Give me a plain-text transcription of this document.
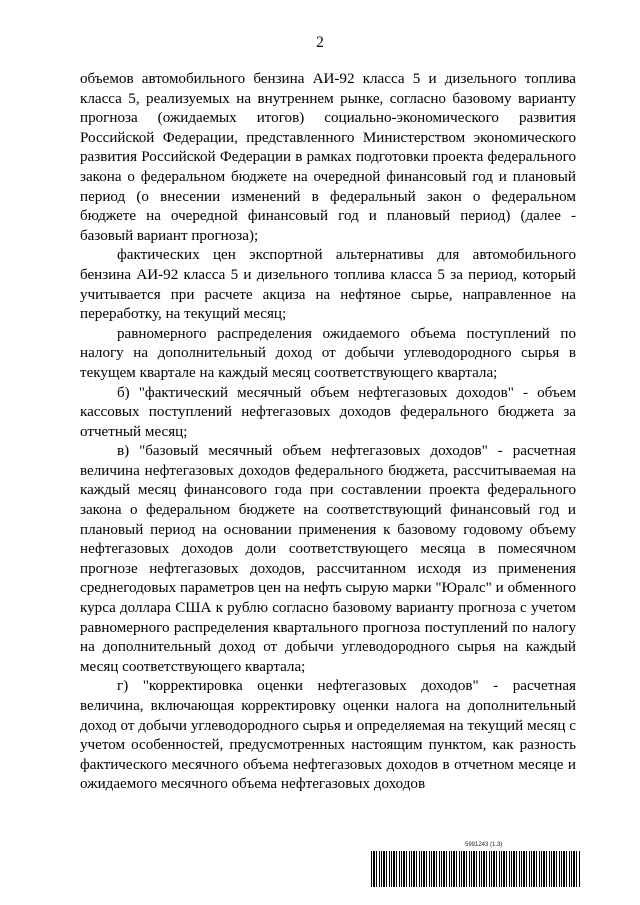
2

объемов автомобильного бензина АИ-92 класса 5 и дизельного топлива класса 5, реализуемых на внутреннем рынке, согласно базовому варианту прогноза (ожидаемых итогов) социально-экономического развития Российской Федерации, представленного Министерством экономического развития Российской Федерации в рамках подготовки проекта федерального закона о федеральном бюджете на очередной финансовый год и плановый период (о внесении изменений в федеральный закон о федеральном бюджете на очередной финансовый год и плановый период) (далее - базовый вариант прогноза);

фактических цен экспортной альтернативы для автомобильного бензина АИ-92 класса 5 и дизельного топлива класса 5 за период, который учитывается при расчете акциза на нефтяное сырье, направленное на переработку, на текущий месяц;

равномерного распределения ожидаемого объема поступлений по налогу на дополнительный доход от добычи углеводородного сырья в текущем квартале на каждый месяц соответствующего квартала;

б) "фактический месячный объем нефтегазовых доходов" - объем кассовых поступлений нефтегазовых доходов федерального бюджета за отчетный месяц;

в) "базовый месячный объем нефтегазовых доходов" - расчетная величина нефтегазовых доходов федерального бюджета, рассчитываемая на каждый месяц финансового года при составлении проекта федерального закона о федеральном бюджете на соответствующий финансовый год и плановый период на основании применения к базовому годовому объему нефтегазовых доходов доли соответствующего месяца в помесячном прогнозе нефтегазовых доходов, рассчитанном исходя из применения среднегодовых параметров цен на нефть сырую марки "Юралс" и обменного курса доллара США к рублю согласно базовому варианту прогноза с учетом равномерного распределения квартального прогноза поступлений по налогу на дополнительный доход от добычи углеводородного сырья на каждый месяц соответствующего квартала;

г) "корректировка оценки нефтегазовых доходов" - расчетная величина, включающая корректировку оценки налога на дополнительный доход от добычи углеводородного сырья и определяемая на текущий месяц с учетом особенностей, предусмотренных настоящим пунктом, как разность фактического месячного объема нефтегазовых доходов в отчетном месяце и ожидаемого месячного объема нефтегазовых доходов

5991243 (1.3)
